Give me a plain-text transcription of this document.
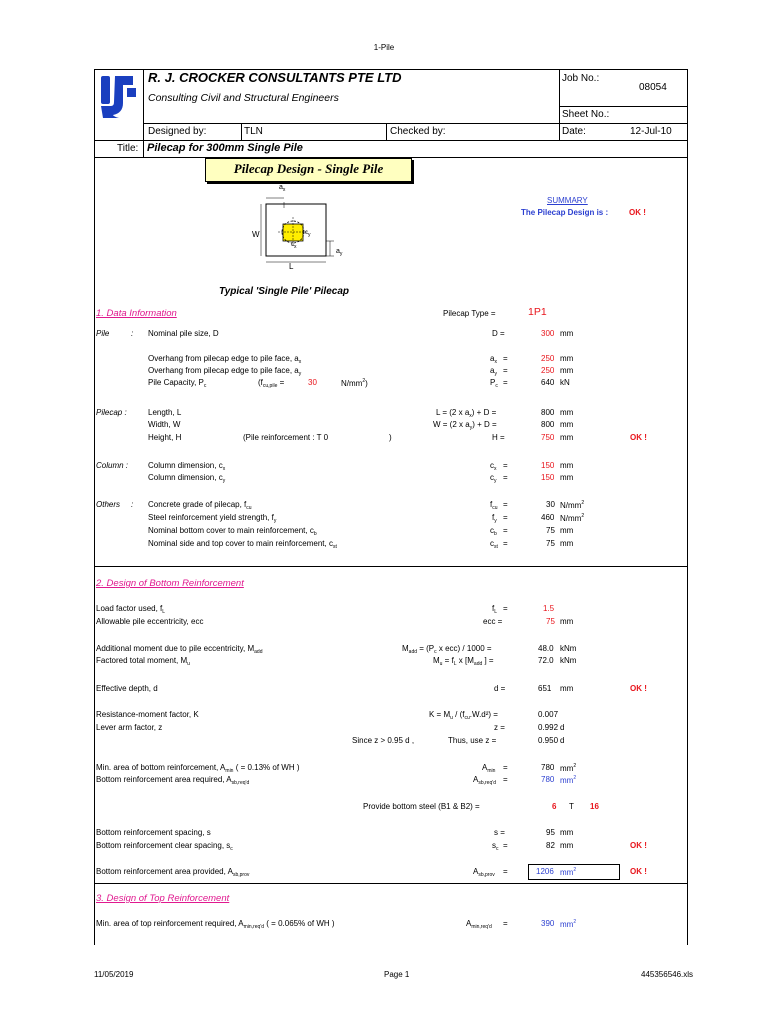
1-Pile
R. J. CROCKER CONSULTANTS PTE LTD
Consulting Civil and Structural Engineers
Job No.:
08054
Sheet No.:
Designed by:	TLN	Checked by:	Date:	12-Jul-10
Title: Pilecap for 300mm Single Pile
Pilecap Design - Single Pile
SUMMARY
The Pilecap Design is :	OK !
$a_x$
W
L
$a_y$
$c_x$
$c_y$
Typical 'Single Pile' Pilecap
1. Data Information	Pilecap Type =	1P1
Pile	: Nominal pile size, D	D =	300 mm
Overhang from pilecap edge to pile face, $a_x$	$a_x$ =	250 mm
Overhang from pilecap edge to pile face, $a_y$	$a_y$ =	250 mm
Pile Capacity, $P_c$	($f_{cu,pile}$ =	30	$N/mm^2$)	$P_c$ =	640 kN
Pilecap :	Length, L	L = (2 x $a_x) + D$ =	800 mm
Width, W	W = (2 x $a_y) + D$ =	800 mm
Height, H	(Pile reinforcement : T 0	)	H =	750 mm	OK !
Column : Column dimension, $c_x$	$c_x$ =	150 mm
Column dimension, $c_y$	$c_y$ =	150 mm
Others : Concrete grade of pilecap, $f_{cu}$	$f_{cu}$ =	30 $N/mm^2$
Steel reinforcement yield strength, $f_y$	$f_y$ =	460 $N/mm^2$
Nominal bottom cover to main reinforcement, $c_b$	$c_b$ =	75 mm
Nominal side and top cover to main reinforcement, $c_{st}$	$c_{st}$ =	75 mm
2. Design of Bottom Reinforcement
Load factor used, $f_L$	$f_L$ =	1.5
Allowable pile eccentricity, ecc	ecc =	75 mm
Additional moment due to pile eccentricity, $M_{add}$	$M_{add} = (P_c$ x ecc) / 1000 =	48.0 kNm
Factored total moment, $M_u$	$M_u = f_L$ x [$M_{add}$ ] =	72.0 kNm
Effective depth, d	d =	651 mm	OK !
Resistance-moment factor, K	$K = M_u / (f_{cu}.W.d^2)$ =	0.007
Lever arm factor, z	z =	0.992 d
Since z > 0.95 d ,	Thus, use z =	0.950 d
Min. area of bottom reinforcement, $A_{min}$ ( = 0.13% of WH )	$A_{min}$ =	780 $mm^2$
Bottom reinforcement area required, $A_{sb,req'd}$	$A_{sb,req'd}$ =	780 $mm^2$
Provide bottom steel (B1 & B2) =	6 T 16
Bottom reinforcement spacing, s	s =	95 mm
Bottom reinforcement clear spacing, $s_c$	$s_c$ =	82 mm	OK !
Bottom reinforcement area provided, $A_{sb,prov}$	$A_{sb,prov}$ =	1206 $mm^2$	OK !
3. Design of Top Reinforcement
Min. area of top reinforcement required, $A_{min,req'd}$ ( = 0.065% of WH )	$A_{min,req'd}$ =	390 $mm^2$
11/05/2019	Page 1	445356546.xls
